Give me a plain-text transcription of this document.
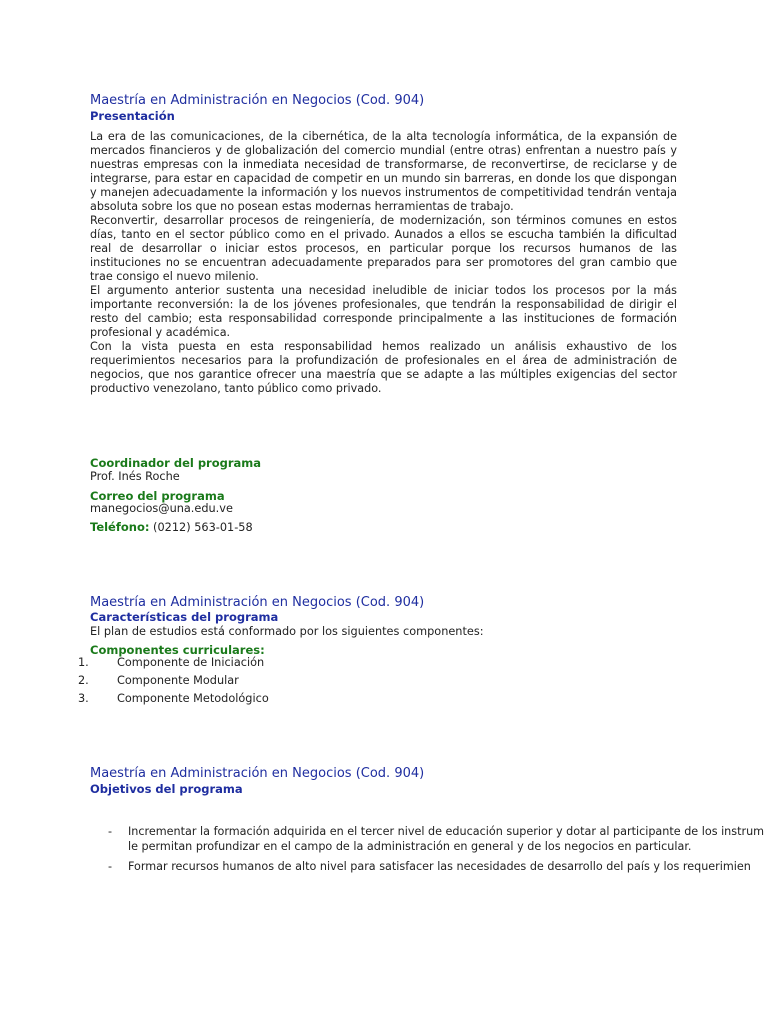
Maestría en Administración en Negocios (Cod. 904)
Presentación

La era de las comunicaciones, de la cibernética, de la alta tecnología informática, de la expansión de mercados financieros y de globalización del comercio mundial (entre otras) enfrentan a nuestro país y nuestras empresas con la inmediata necesidad de transformarse, de reconvertirse, de reciclarse y de integrarse, para estar en capacidad de competir en un mundo sin barreras, en donde los que dispongan y manejen adecuadamente la información y los nuevos instrumentos de competitividad tendrán ventaja absoluta sobre los que no posean estas modernas herramientas de trabajo.

Reconvertir, desarrollar procesos de reingeniería, de modernización, son términos comunes en estos días, tanto en el sector público como en el privado. Aunados a ellos se escucha también la dificultad real de desarrollar o iniciar estos procesos, en particular porque los recursos humanos de las instituciones no se encuentran adecuadamente preparados para ser promotores del gran cambio que trae consigo el nuevo milenio.

El argumento anterior sustenta una necesidad ineludible de iniciar todos los procesos por la más importante reconversión: la de los jóvenes profesionales, que tendrán la responsabilidad de dirigir el resto del cambio; esta responsabilidad corresponde principalmente a las instituciones de formación profesional y académica.

Con la vista puesta en esta responsabilidad hemos realizado un análisis exhaustivo de los requerimientos necesarios para la profundización de profesionales en el área de administración de negocios, que nos garantice ofrecer una maestría que se adapte a las múltiples exigencias del sector productivo venezolano, tanto público como privado.

Coordinador del programa
Prof. Inés Roche
Correo del programa
manegocios@una.edu.ve
Teléfono: (0212) 563-01-58
Maestría en Administración en Negocios (Cod. 904)
Características del programa
El plan de estudios está conformado por los siguientes componentes:
Componentes curriculares:
1. Componente de Iniciación
2. Componente Modular
3. Componente Metodológico
Maestría en Administración en Negocios (Cod. 904)
Objetivos del programa
- Incrementar la formación adquirida en el tercer nivel de educación superior y dotar al participante de los instrum
le permitan profundizar en el campo de la administración en general y de los negocios en particular.
- Formar recursos humanos de alto nivel para satisfacer las necesidades de desarrollo del país y los requerimien
